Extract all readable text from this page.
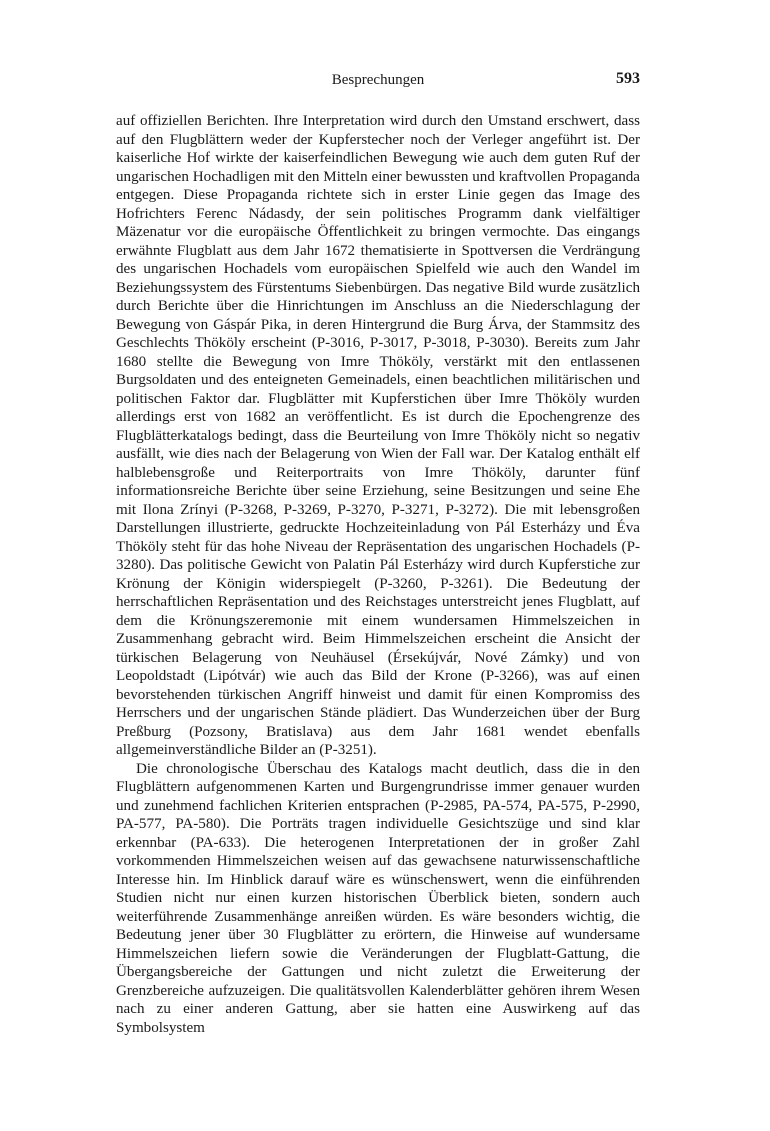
Besprechungen	593

auf offiziellen Berichten. Ihre Interpretation wird durch den Umstand erschwert, dass auf den Flugblättern weder der Kupferstecher noch der Verleger angeführt ist. Der kaiserliche Hof wirkte der kaiserfeindlichen Bewegung wie auch dem guten Ruf der ungarischen Hochadligen mit den Mitteln einer bewussten und kraftvollen Propaganda entgegen. Diese Propaganda richtete sich in erster Linie gegen das Image des Hofrichters Ferenc Nádasdy, der sein politisches Programm dank vielfältiger Mäzenatur vor die europäische Öffentlichkeit zu bringen vermochte. Das eingangs erwähnte Flugblatt aus dem Jahr 1672 thematisierte in Spottversen die Verdrängung des ungarischen Hochadels vom europäischen Spielfeld wie auch den Wandel im Beziehungssystem des Fürstentums Siebenbürgen. Das negative Bild wurde zusätzlich durch Berichte über die Hinrichtungen im Anschluss an die Niederschlagung der Bewegung von Gáspár Pika, in deren Hintergrund die Burg Árva, der Stammsitz des Geschlechts Thököly erscheint (P-3016, P-3017, P-3018, P-3030). Bereits zum Jahr 1680 stellte die Bewegung von Imre Thököly, verstärkt mit den entlassenen Burgsoldaten und des enteigneten Gemeinadels, einen beachtlichen militärischen und politischen Faktor dar. Flugblätter mit Kupferstichen über Imre Thököly wurden allerdings erst von 1682 an veröffentlicht. Es ist durch die Epochengrenze des Flugblätterkatalogs bedingt, dass die Beurteilung von Imre Thököly nicht so negativ ausfällt, wie dies nach der Belagerung von Wien der Fall war. Der Katalog enthält elf halblebensgroße und Reiterportraits von Imre Thököly, darunter fünf informationsreiche Berichte über seine Erziehung, seine Besitzungen und seine Ehe mit Ilona Zrínyi (P-3268, P-3269, P-3270, P-3271, P-3272). Die mit lebensgroßen Darstellungen illustrierte, gedruckte Hochzeiteinladung von Pál Esterházy und Éva Thököly steht für das hohe Niveau der Repräsentation des ungarischen Hochadels (P-3280). Das politische Gewicht von Palatin Pál Esterházy wird durch Kupferstiche zur Krönung der Königin widerspiegelt (P-3260, P-3261). Die Bedeutung der herrschaftlichen Repräsentation und des Reichstages unterstreicht jenes Flugblatt, auf dem die Krönungszeremonie mit einem wundersamen Himmelszeichen in Zusammenhang gebracht wird. Beim Himmelszeichen erscheint die Ansicht der türkischen Belagerung von Neuhäusel (Érsekújvár, Nové Zámky) und von Leopoldstadt (Lipótvár) wie auch das Bild der Krone (P-3266), was auf einen bevorstehenden türkischen Angriff hinweist und damit für einen Kompromiss des Herrschers und der ungarischen Stände plädiert. Das Wunderzeichen über der Burg Preßburg (Pozsony, Bratislava) aus dem Jahr 1681 wendet ebenfalls allgemeinverständliche Bilder an (P-3251).

Die chronologische Überschau des Katalogs macht deutlich, dass die in den Flugblättern aufgenommenen Karten und Burgengrundrisse immer genauer wurden und zunehmend fachlichen Kriterien entsprachen (P-2985, PA-574, PA-575, P-2990, PA-577, PA-580). Die Porträts tragen individuelle Gesichtszüge und sind klar erkennbar (PA-633). Die heterogenen Interpretationen der in großer Zahl vorkommenden Himmelszeichen weisen auf das gewachsene naturwissenschaftliche Interesse hin. Im Hinblick darauf wäre es wünschenswert, wenn die einführenden Studien nicht nur einen kurzen historischen Überblick bieten, sondern auch weiterführende Zusammenhänge anreißen würden. Es wäre besonders wichtig, die Bedeutung jener über 30 Flugblätter zu erörtern, die Hinweise auf wundersame Himmelszeichen liefern sowie die Veränderungen der Flugblatt-Gattung, die Übergangsbereiche der Gattungen und nicht zuletzt die Erweiterung der Grenzbereiche aufzuzeigen. Die qualitätsvollen Kalenderblätter gehören ihrem Wesen nach zu einer anderen Gattung, aber sie hatten eine Auswirkeng auf das Symbolsystem
